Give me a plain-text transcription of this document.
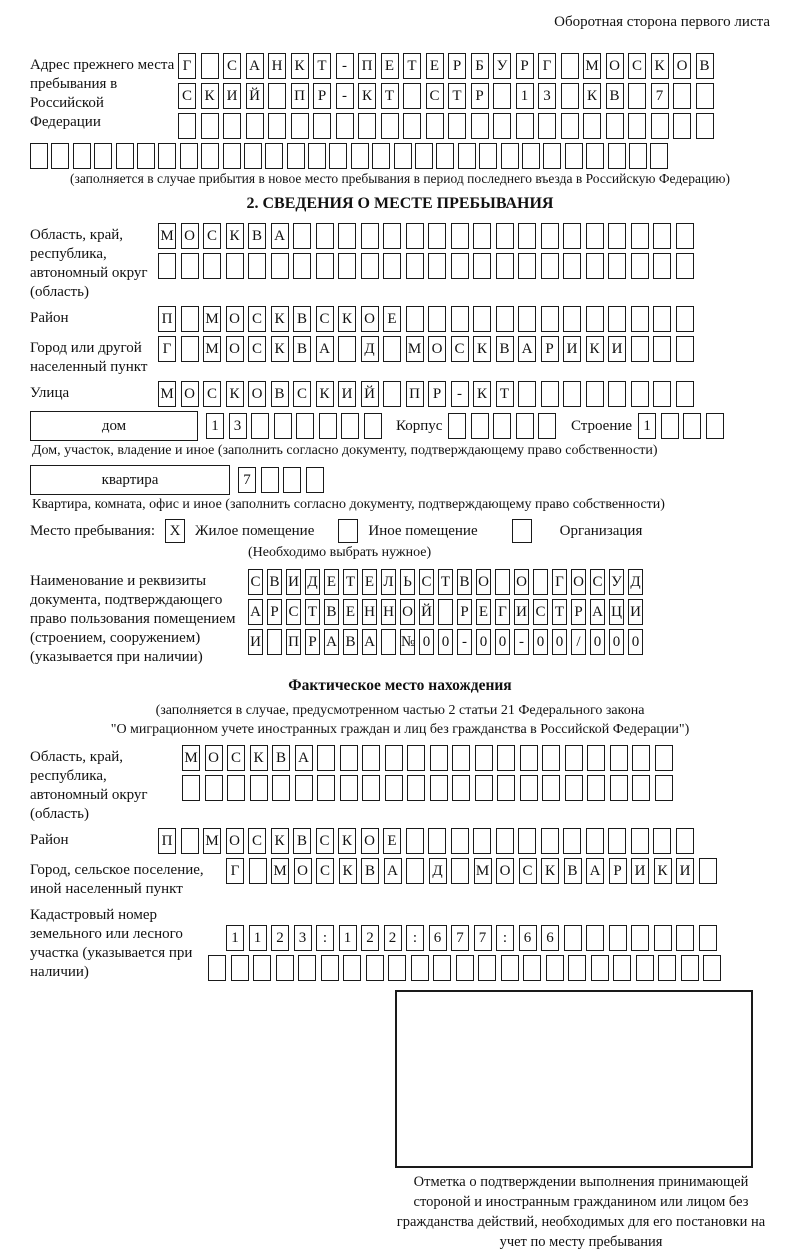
Оборотная сторона первого листа
Адрес прежнего места пребывания в Российской Федерации
Г	С А Н К Т	- П Е Т Е Р Б У Р Г	М О С К О В
С К И Й П Р	- К Т С Т Р	1	3	К В	7
(заполняется в случае прибытия в новое место пребывания в период последнего въезда в Российскую Федерацию)
2. СВЕДЕНИЯ О МЕСТЕ ПРЕБЫВАНИЯ
Область, край, республика, автономный округ (область)
М О С К В А
Район	П М О С К В С К О Е
Город или другой населенный пункт
Г	М О С К В А Д М О С К В А Р И К И
Улица	М О С К О В С К И Й П Р	- К Т
дом	1	3	Корпус	Строение 1
Дом, участок, владение и иное (заполнить согласно документу, подтверждающему право собственности)
квартира	7
Квартира, комната, офис и иное (заполнить согласно документу, подтверждающему право собственности)
Место пребывания: X Жилое помещение	Иное помещение	Организация
(Необходимо выбрать нужное)
Наименование и реквизиты документа, подтверждающего право пользования помещением (строением, сооружением) (указывается при наличии)
С В И Д Е Т Е Л Ь С Т В О О Г О С У Д
А Р С Т В Е Н Н О Й Р Е Г И С Т Р А Ц И
И П Р А В А № 0 0 - 0 0 - 0 0 / 0 0 0
Фактическое место нахождения
(заполняется в случае, предусмотренном частью 2 статьи 21 Федерального закона
"О миграционном учете иностранных граждан и лиц без гражданства в Российской Федерации")
Область, край, республика, автономный округ (область)
М О С К В А
Район	П М О С К В С К О Е
Город, сельское поселение, иной населенный пункт
Г	М О С К В А Д М О С К В А Р И К И
Кадастровый номер земельного или лесного участка (указывается при наличии)
1	1	2	3	:	1	2	2	:	6	7	7	:	6	6
Отметка о подтверждении выполнения принимающей стороной и иностранным гражданином или лицом без гражданства действий, необходимых для его постановки на учет по месту пребывания
